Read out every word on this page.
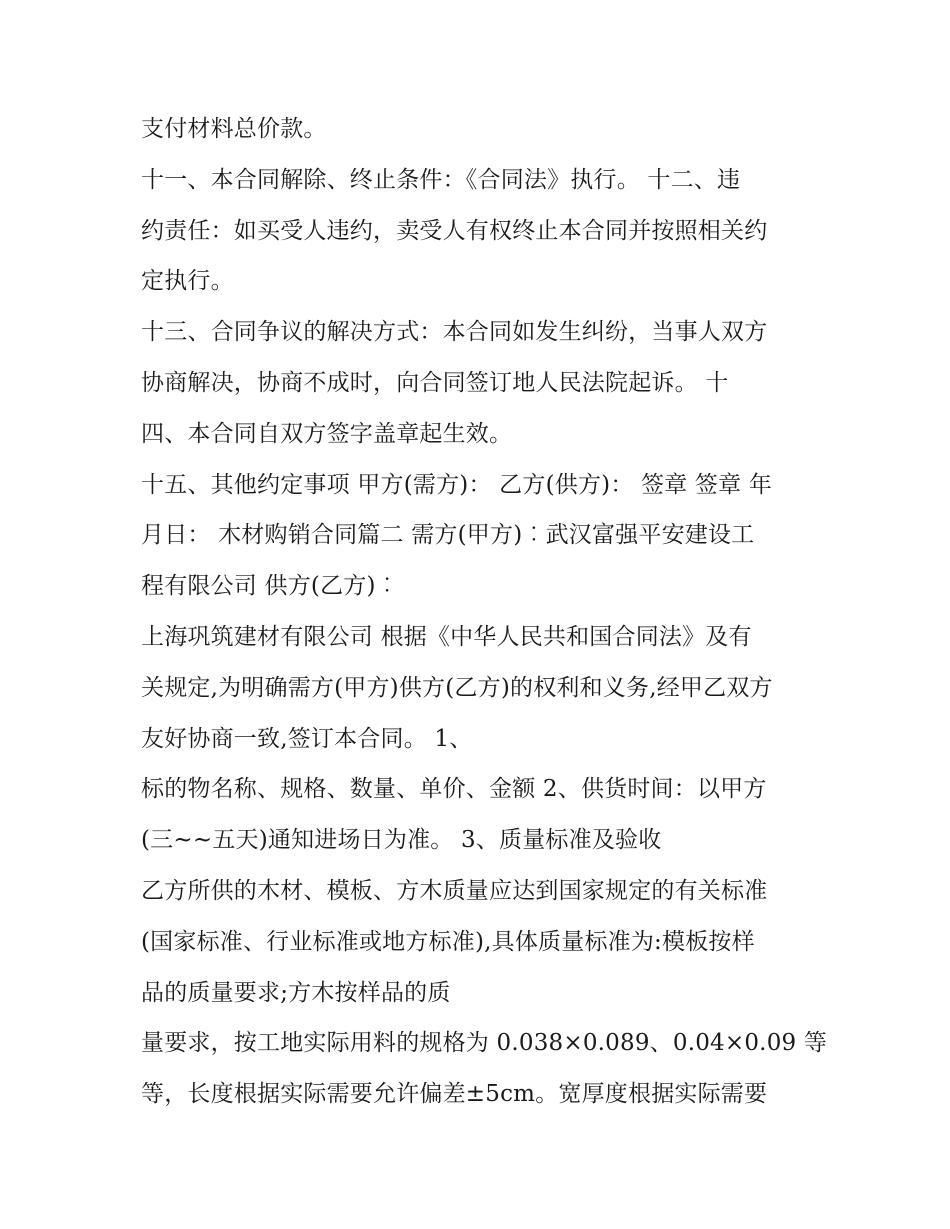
支付材料总价款。
十一、本合同解除、终止条件：《合同法》执行。 十二、违
约责任：如买受人违约，卖受人有权终止本合同并按照相关约
定执行。
十三、合同争议的解决方式：本合同如发生纠纷，当事人双方
协商解决，协商不成时，向合同签订地人民法院起诉。 十
四、本合同自双方签字盖章起生效。
十五、其他约定事项 甲方(需方)： 乙方(供方)： 签章 签章 年
月日： 木材购销合同篇二 需方(甲方)︰武汉富强平安建设工
程有限公司 供方(乙方)︰
上海巩筑建材有限公司 根据《中华人民共和国合同法》及有
关规定,为明确需方(甲方)供方(乙方)的权利和义务,经甲乙双方
友好协商一致,签订本合同。 1、
标的物名称、规格、数量、单价、金额 2、供货时间：以甲方
(三~~五天)通知进场日为准。 3、质量标准及验收
乙方所供的木材、模板、方木质量应达到国家规定的有关标准
(国家标准、行业标准或地方标准),具体质量标准为:模板按样
品的质量要求;方木按样品的质
量要求，按工地实际用料的规格为 0.038×0.089、0.04×0.09 等
等，长度根据实际需要允许偏差±5cm。宽厚度根据实际需要
